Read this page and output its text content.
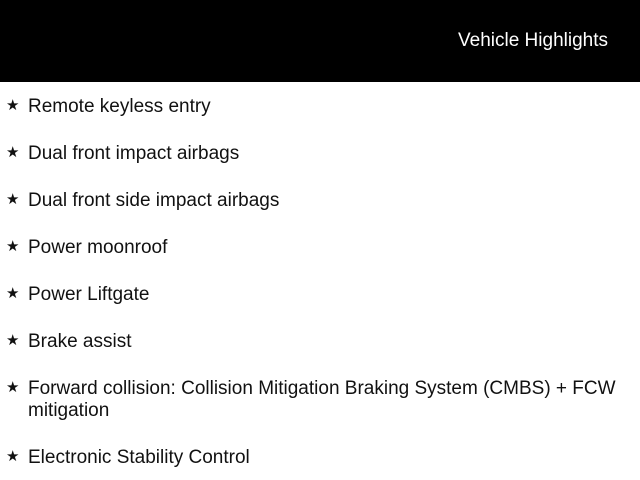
Vehicle Highlights
★ Remote keyless entry
★ Dual front impact airbags
★ Dual front side impact airbags
★ Power moonroof
★ Power Liftgate
★ Brake assist
★ Forward collision: Collision Mitigation Braking System (CMBS) + FCW mitigation
★ Electronic Stability Control
